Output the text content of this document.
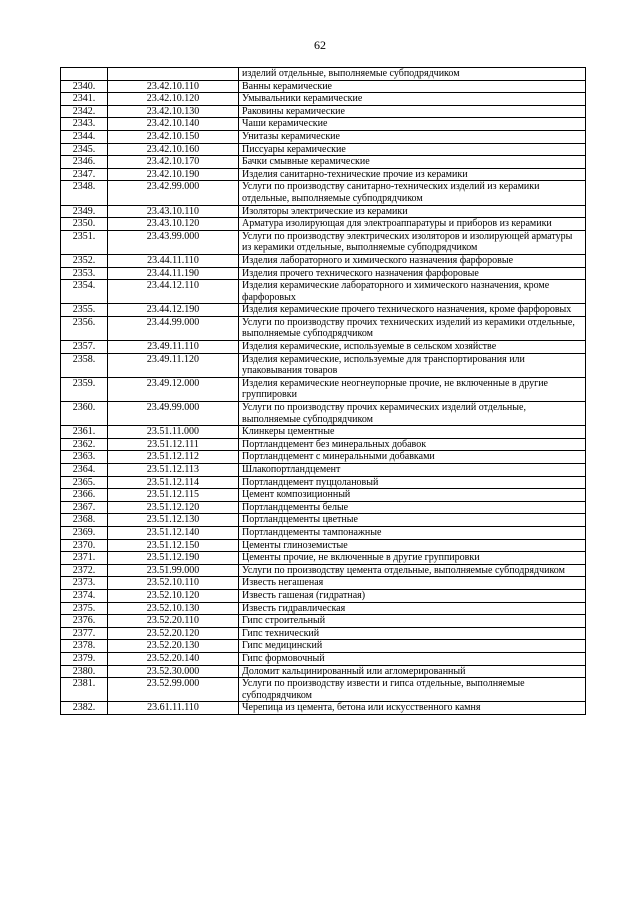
62
		изделий отдельные, выполняемые субподрядчиком
2340.	23.42.10.110	Ванны керамические
2341.	23.42.10.120	Умывальники керамические
2342.	23.42.10.130	Раковины керамические
2343.	23.42.10.140	Чаши керамические
2344.	23.42.10.150	Унитазы керамические
2345.	23.42.10.160	Писсуары керамические
2346.	23.42.10.170	Бачки смывные керамические
2347.	23.42.10.190	Изделия санитарно-технические прочие из керамики
2348.	23.42.99.000	Услуги по производству санитарно-технических изделий из керамики отдельные, выполняемые субподрядчиком
2349.	23.43.10.110	Изоляторы электрические из керамики
2350.	23.43.10.120	Арматура изолирующая для электроаппаратуры и приборов из керамики
2351.	23.43.99.000	Услуги по производству электрических изоляторов и изолирующей арматуры из керамики отдельные, выполняемые субподрядчиком
2352.	23.44.11.110	Изделия лабораторного и химического назначения фарфоровые
2353.	23.44.11.190	Изделия прочего технического назначения фарфоровые
2354.	23.44.12.110	Изделия керамические лабораторного и химического назначения, кроме фарфоровых
2355.	23.44.12.190	Изделия керамические прочего технического назначения, кроме фарфоровых
2356.	23.44.99.000	Услуги по производству прочих технических изделий из керамики отдельные, выполняемые субподрядчиком
2357.	23.49.11.110	Изделия керамические, используемые в сельском хозяйстве
2358.	23.49.11.120	Изделия керамические, используемые для транспортирования или упаковывания товаров
2359.	23.49.12.000	Изделия керамические неогнеупорные прочие, не включенные в другие группировки
2360.	23.49.99.000	Услуги по производству прочих керамических изделий отдельные, выполняемые субподрядчиком
2361.	23.51.11.000	Клинкеры цементные
2362.	23.51.12.111	Портландцемент без минеральных добавок
2363.	23.51.12.112	Портландцемент с минеральными добавками
2364.	23.51.12.113	Шлакопортландцемент
2365.	23.51.12.114	Портландцемент пуццолановый
2366.	23.51.12.115	Цемент композиционный
2367.	23.51.12.120	Портландцементы белые
2368.	23.51.12.130	Портландцементы цветные
2369.	23.51.12.140	Портландцементы тампонажные
2370.	23.51.12.150	Цементы глиноземистые
2371.	23.51.12.190	Цементы прочие, не включенные в другие группировки
2372.	23.51.99.000	Услуги по производству цемента отдельные, выполняемые субподрядчиком
2373.	23.52.10.110	Известь негашеная
2374.	23.52.10.120	Известь гашеная (гидратная)
2375.	23.52.10.130	Известь гидравлическая
2376.	23.52.20.110	Гипс строительный
2377.	23.52.20.120	Гипс технический
2378.	23.52.20.130	Гипс медицинский
2379.	23.52.20.140	Гипс формовочный
2380.	23.52.30.000	Доломит кальцинированный или агломерированный
2381.	23.52.99.000	Услуги по производству извести и гипса отдельные, выполняемые субподрядчиком
2382.	23.61.11.110	Черепица из цемента, бетона или искусственного камня
